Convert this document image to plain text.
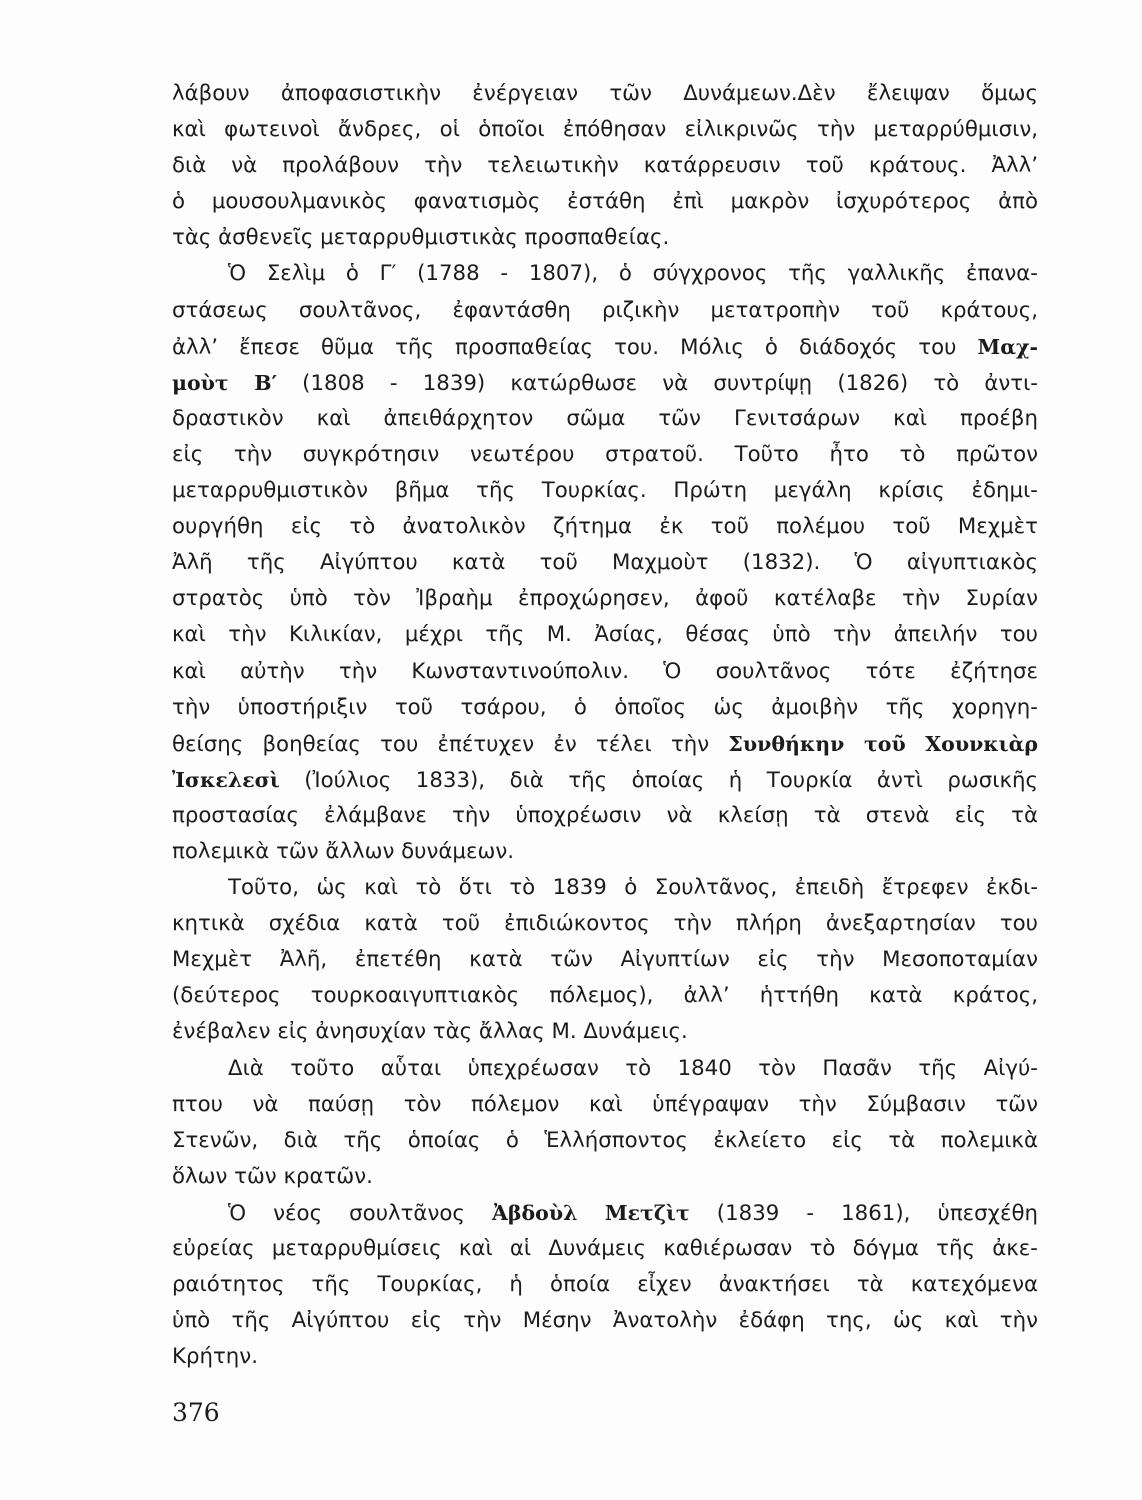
λάβουν ἀποφασιστικὴν ἐνέργειαν τῶν Δυνάμεων.Δὲν ἔλειψαν ὅμως
καὶ φωτεινοὶ ἄνδρες, οἱ ὁποῖοι ἐπόθησαν εἰλικρινῶς τὴν μεταρρύθμισιν,
διὰ νὰ προλάβουν τὴν τελειωτικὴν κατάρρευσιν τοῦ κράτους. Ἀλλ’
ὁ μουσουλμανικὸς φανατισμὸς ἐστάθη ἐπὶ μακρὸν ἰσχυρότερος ἀπὸ
τὰς ἀσθενεῖς μεταρρυθμιστικὰς προσπαθείας.
Ὁ Σελὶμ ὁ Γ′ (1788 - 1807), ὁ σύγχρονος τῆς γαλλικῆς ἐπανα-
στάσεως σουλτᾶνος, ἐφαντάσθη ριζικὴν μετατροπὴν τοῦ κράτους,
ἀλλ’ ἔπεσε θῦμα τῆς προσπαθείας του. Μόλις ὁ διάδοχός του Μαχ-
μοὺτ Β′ (1808 - 1839) κατώρθωσε νὰ συντρίψῃ (1826) τὸ ἀντι-
δραστικὸν καὶ ἀπειθάρχητον σῶμα τῶν Γενιτσάρων καὶ προέβη
εἰς τὴν συγκρότησιν νεωτέρου στρατοῦ. Τοῦτο ἦτο τὸ πρῶτον
μεταρρυθμιστικὸν βῆμα τῆς Τουρκίας. Πρώτη μεγάλη κρίσις ἐδημι-
ουργήθη εἰς τὸ ἀνατολικὸν ζήτημα ἐκ τοῦ πολέμου τοῦ Μεχμὲτ
Ἀλῆ τῆς Αἰγύπτου κατὰ τοῦ Μαχμοὺτ (1832). Ὁ αἰγυπτιακὸς
στρατὸς ὑπὸ τὸν Ἰβραὴμ ἐπροχώρησεν, ἀφοῦ κατέλαβε τὴν Συρίαν
καὶ τὴν Κιλικίαν, μέχρι τῆς Μ. Ἀσίας, θέσας ὑπὸ τὴν ἀπειλήν του
καὶ αὐτὴν τὴν Κωνσταντινούπολιν. Ὁ σουλτᾶνος τότε ἐζήτησε
τὴν ὑποστήριξιν τοῦ τσάρου, ὁ ὁποῖος ὡς ἀμοιβὴν τῆς χορηγη-
θείσης βοηθείας του ἐπέτυχεν ἐν τέλει τὴν Συνθήκην τοῦ Χουνκιὰρ
Ἰσκελεσὶ (Ἰούλιος 1833), διὰ τῆς ὁποίας ἡ Τουρκία ἀντὶ ρωσικῆς
προστασίας ἐλάμβανε τὴν ὑποχρέωσιν νὰ κλείσῃ τὰ στενὰ εἰς τὰ
πολεμικὰ τῶν ἄλλων δυνάμεων.
Τοῦτο, ὡς καὶ τὸ ὅτι τὸ 1839 ὁ Σουλτᾶνος, ἐπειδὴ ἔτρεφεν ἐκδι-
κητικὰ σχέδια κατὰ τοῦ ἐπιδιώκοντος τὴν πλήρη ἀνεξαρτησίαν του
Μεχμὲτ Ἀλῆ, ἐπετέθη κατὰ τῶν Αἰγυπτίων εἰς τὴν Μεσοποταμίαν
(δεύτερος τουρκοαιγυπτιακὸς πόλεμος), ἀλλ’ ἡττήθη κατὰ κράτος,
ἐνέβαλεν εἰς ἀνησυχίαν τὰς ἄλλας Μ. Δυνάμεις.
Διὰ τοῦτο αὗται ὑπεχρέωσαν τὸ 1840 τὸν Πασᾶν τῆς Αἰγύ-
πτου νὰ παύσῃ τὸν πόλεμον καὶ ὑπέγραψαν τὴν Σύμβασιν τῶν
Στενῶν, διὰ τῆς ὁποίας ὁ Ἑλλήσποντος ἐκλείετο εἰς τὰ πολεμικὰ
ὅλων τῶν κρατῶν.
Ὁ νέος σουλτᾶνος Ἀβδοὺλ Μετζὶτ (1839 - 1861), ὑπεσχέθη
εὐρείας μεταρρυθμίσεις καὶ αἱ Δυνάμεις καθιέρωσαν τὸ δόγμα τῆς ἀκε-
ραιότητος τῆς Τουρκίας, ἡ ὁποία εἶχεν ἀνακτήσει τὰ κατεχόμενα
ὑπὸ τῆς Αἰγύπτου εἰς τὴν Μέσην Ἀνατολὴν ἐδάφη της, ὡς καὶ τὴν
Κρήτην.
376
